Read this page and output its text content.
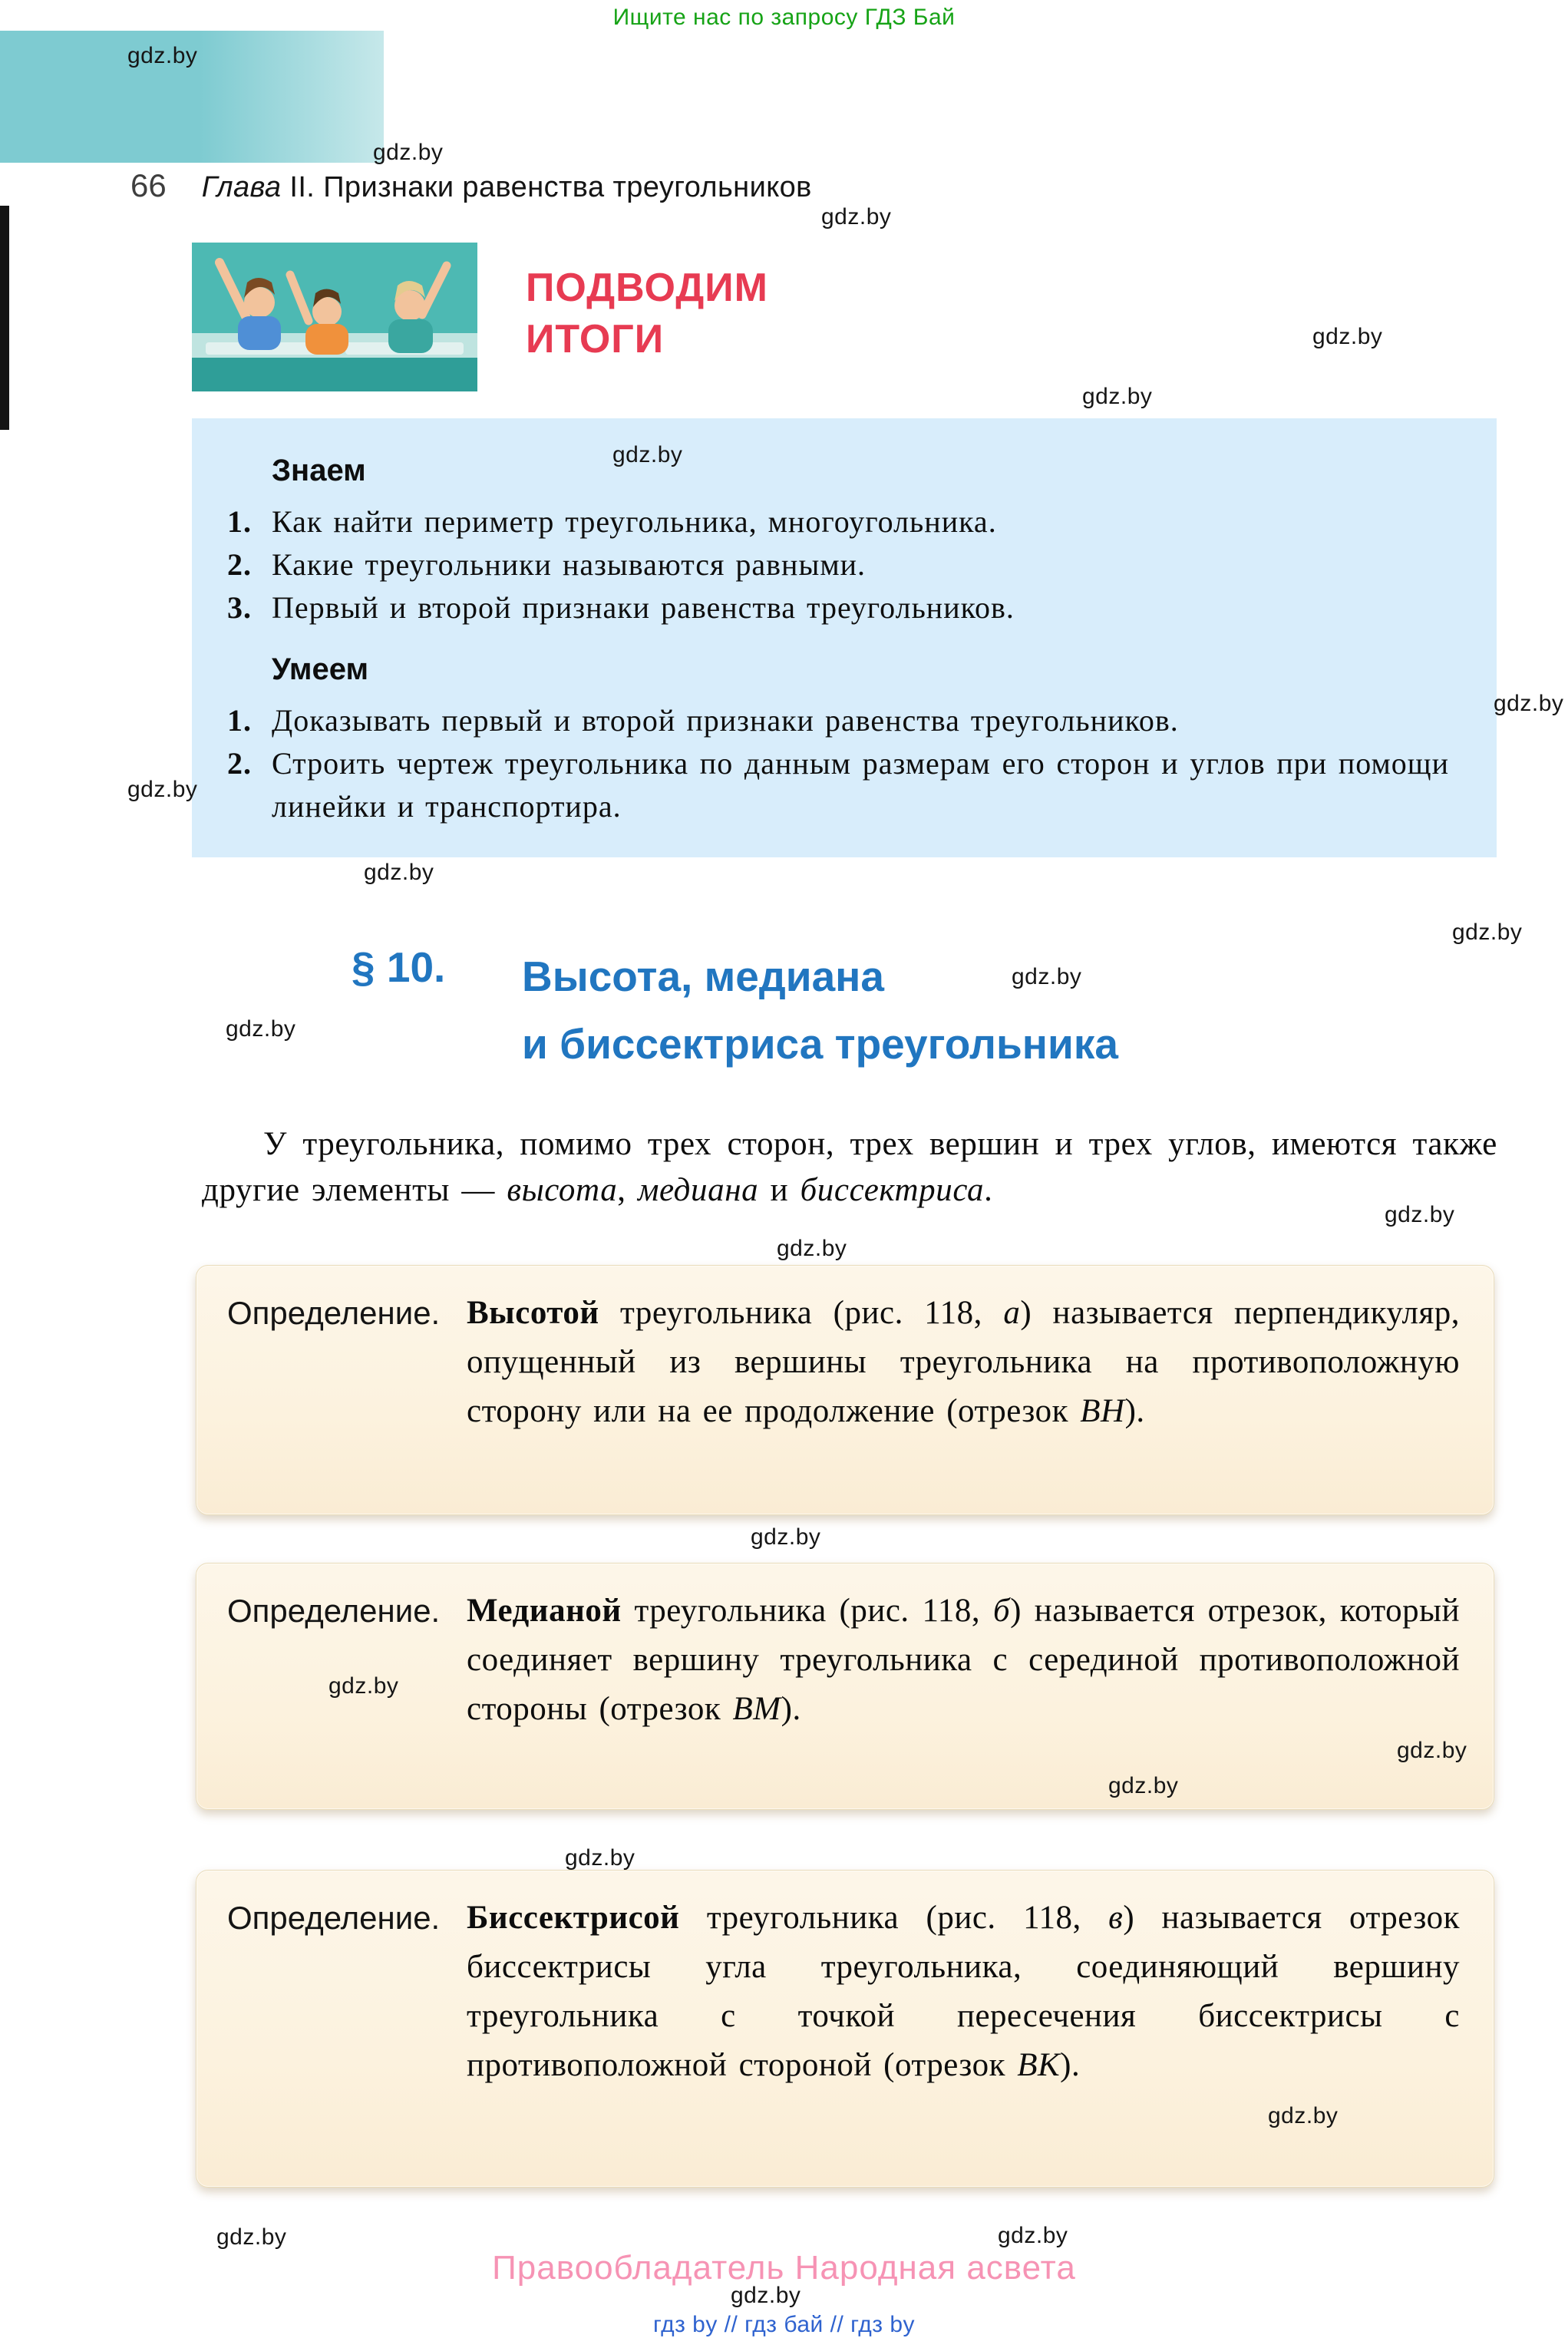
Ищите нас по запросу ГДЗ Бай
66 Глава II. Признаки равенства треугольников
ПОДВОДИМ
ИТОГИ
Знаем
1. Как найти периметр треугольника, многоугольника.
2. Какие треугольники называются равными.
3. Первый и второй признаки равенства треугольников.
Умеем
1. Доказывать первый и второй признаки равенства треугольников.
2. Строить чертеж треугольника по данным размерам его сторон и углов при помощи линейки и транспортира.
§ 10.	Высота, медиана
и биссектриса треугольника

У треугольника, помимо трех сторон, трех вершин и трех углов, имеются также другие элементы — высота, медиана и биссектриса.

Определение. Высотой треугольника (рис. 118, а) называется перпендикуляр, опущенный из вершины треугольника на противоположную сторону или на ее продолжение (отрезок BH).
Определение. Медианой треугольника (рис. 118, б) называется отрезок, который соединяет вершину треугольника с серединой противоположной стороны (отрезок BM).
Определение. Биссектрисой треугольника (рис. 118, в) называется отрезок биссектрисы угла треугольника, соединяющий вершину треугольника с точкой пересечения биссектрисы с противоположной стороной (отрезок BK).
Правообладатель Народная асвета
гдз by // гдз бай // гдз by
gdz.by
gdz.by
gdz.by
gdz.by
gdz.by
gdz.by
gdz.by
gdz.by
gdz.by
gdz.by
gdz.by
gdz.by
gdz.by
gdz.by
gdz.by
gdz.by
gdz.by
gdz.by
gdz.by
gdz.by
gdz.by	gdz.by
gdz.by
